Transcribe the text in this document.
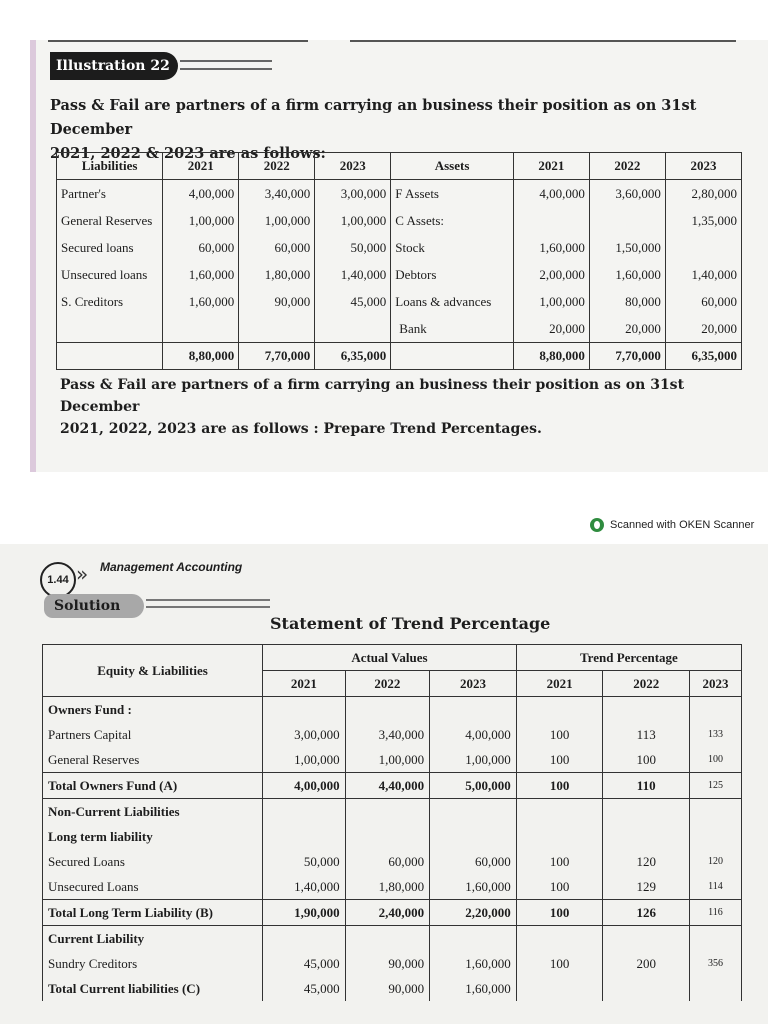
Illustration 22
Pass & Fail are partners of a firm carrying an business their position as on 31st December
2021, 2022 & 2023 are as follows:
Liabilities	2021	2022	2023	Assets	2021	2022	2023
Partner's	4,00,000	3,40,000	3,00,000	F Assets	4,00,000	3,60,000	2,80,000
General Reserves	1,00,000	1,00,000	1,00,000	C Assets:			1,35,000
Secured loans	60,000	60,000	50,000	Stock	1,60,000	1,50,000	
Unsecured loans	1,60,000	1,80,000	1,40,000	Debtors	2,00,000	1,60,000	1,40,000
S. Creditors	1,60,000	90,000	45,000	Loans & advances	1,00,000	80,000	60,000
				Bank	20,000	20,000	20,000
	8,80,000	7,70,000	6,35,000		8,80,000	7,70,000	6,35,000
Pass & Fail are partners of a firm carrying an business their position as on 31st December
2021, 2022, 2023 are as follows : Prepare Trend Percentages.
Scanned with OKEN Scanner
1.44 » Management Accounting
Solution
Statement of Trend Percentage
Equity & Liabilities	Actual Values			Trend Percentage		
	2021	2022	2023	2021	2022	2023
Owners Fund :						
Partners Capital	3,00,000	3,40,000	4,00,000	100	113	133
General Reserves	1,00,000	1,00,000	1,00,000	100	100	100
Total Owners Fund (A)	4,00,000	4,40,000	5,00,000	100	110	125
Non-Current Liabilities						
Long term liability						
Secured Loans	50,000	60,000	60,000	100	120	120
Unsecured Loans	1,40,000	1,80,000	1,60,000	100	129	114
Total Long Term Liability (B)	1,90,000	2,40,000	2,20,000	100	126	116
Current Liability						
Sundry Creditors	45,000	90,000	1,60,000	100	200	356
Total Current liabilities (C)	45,000	90,000	1,60,000			
